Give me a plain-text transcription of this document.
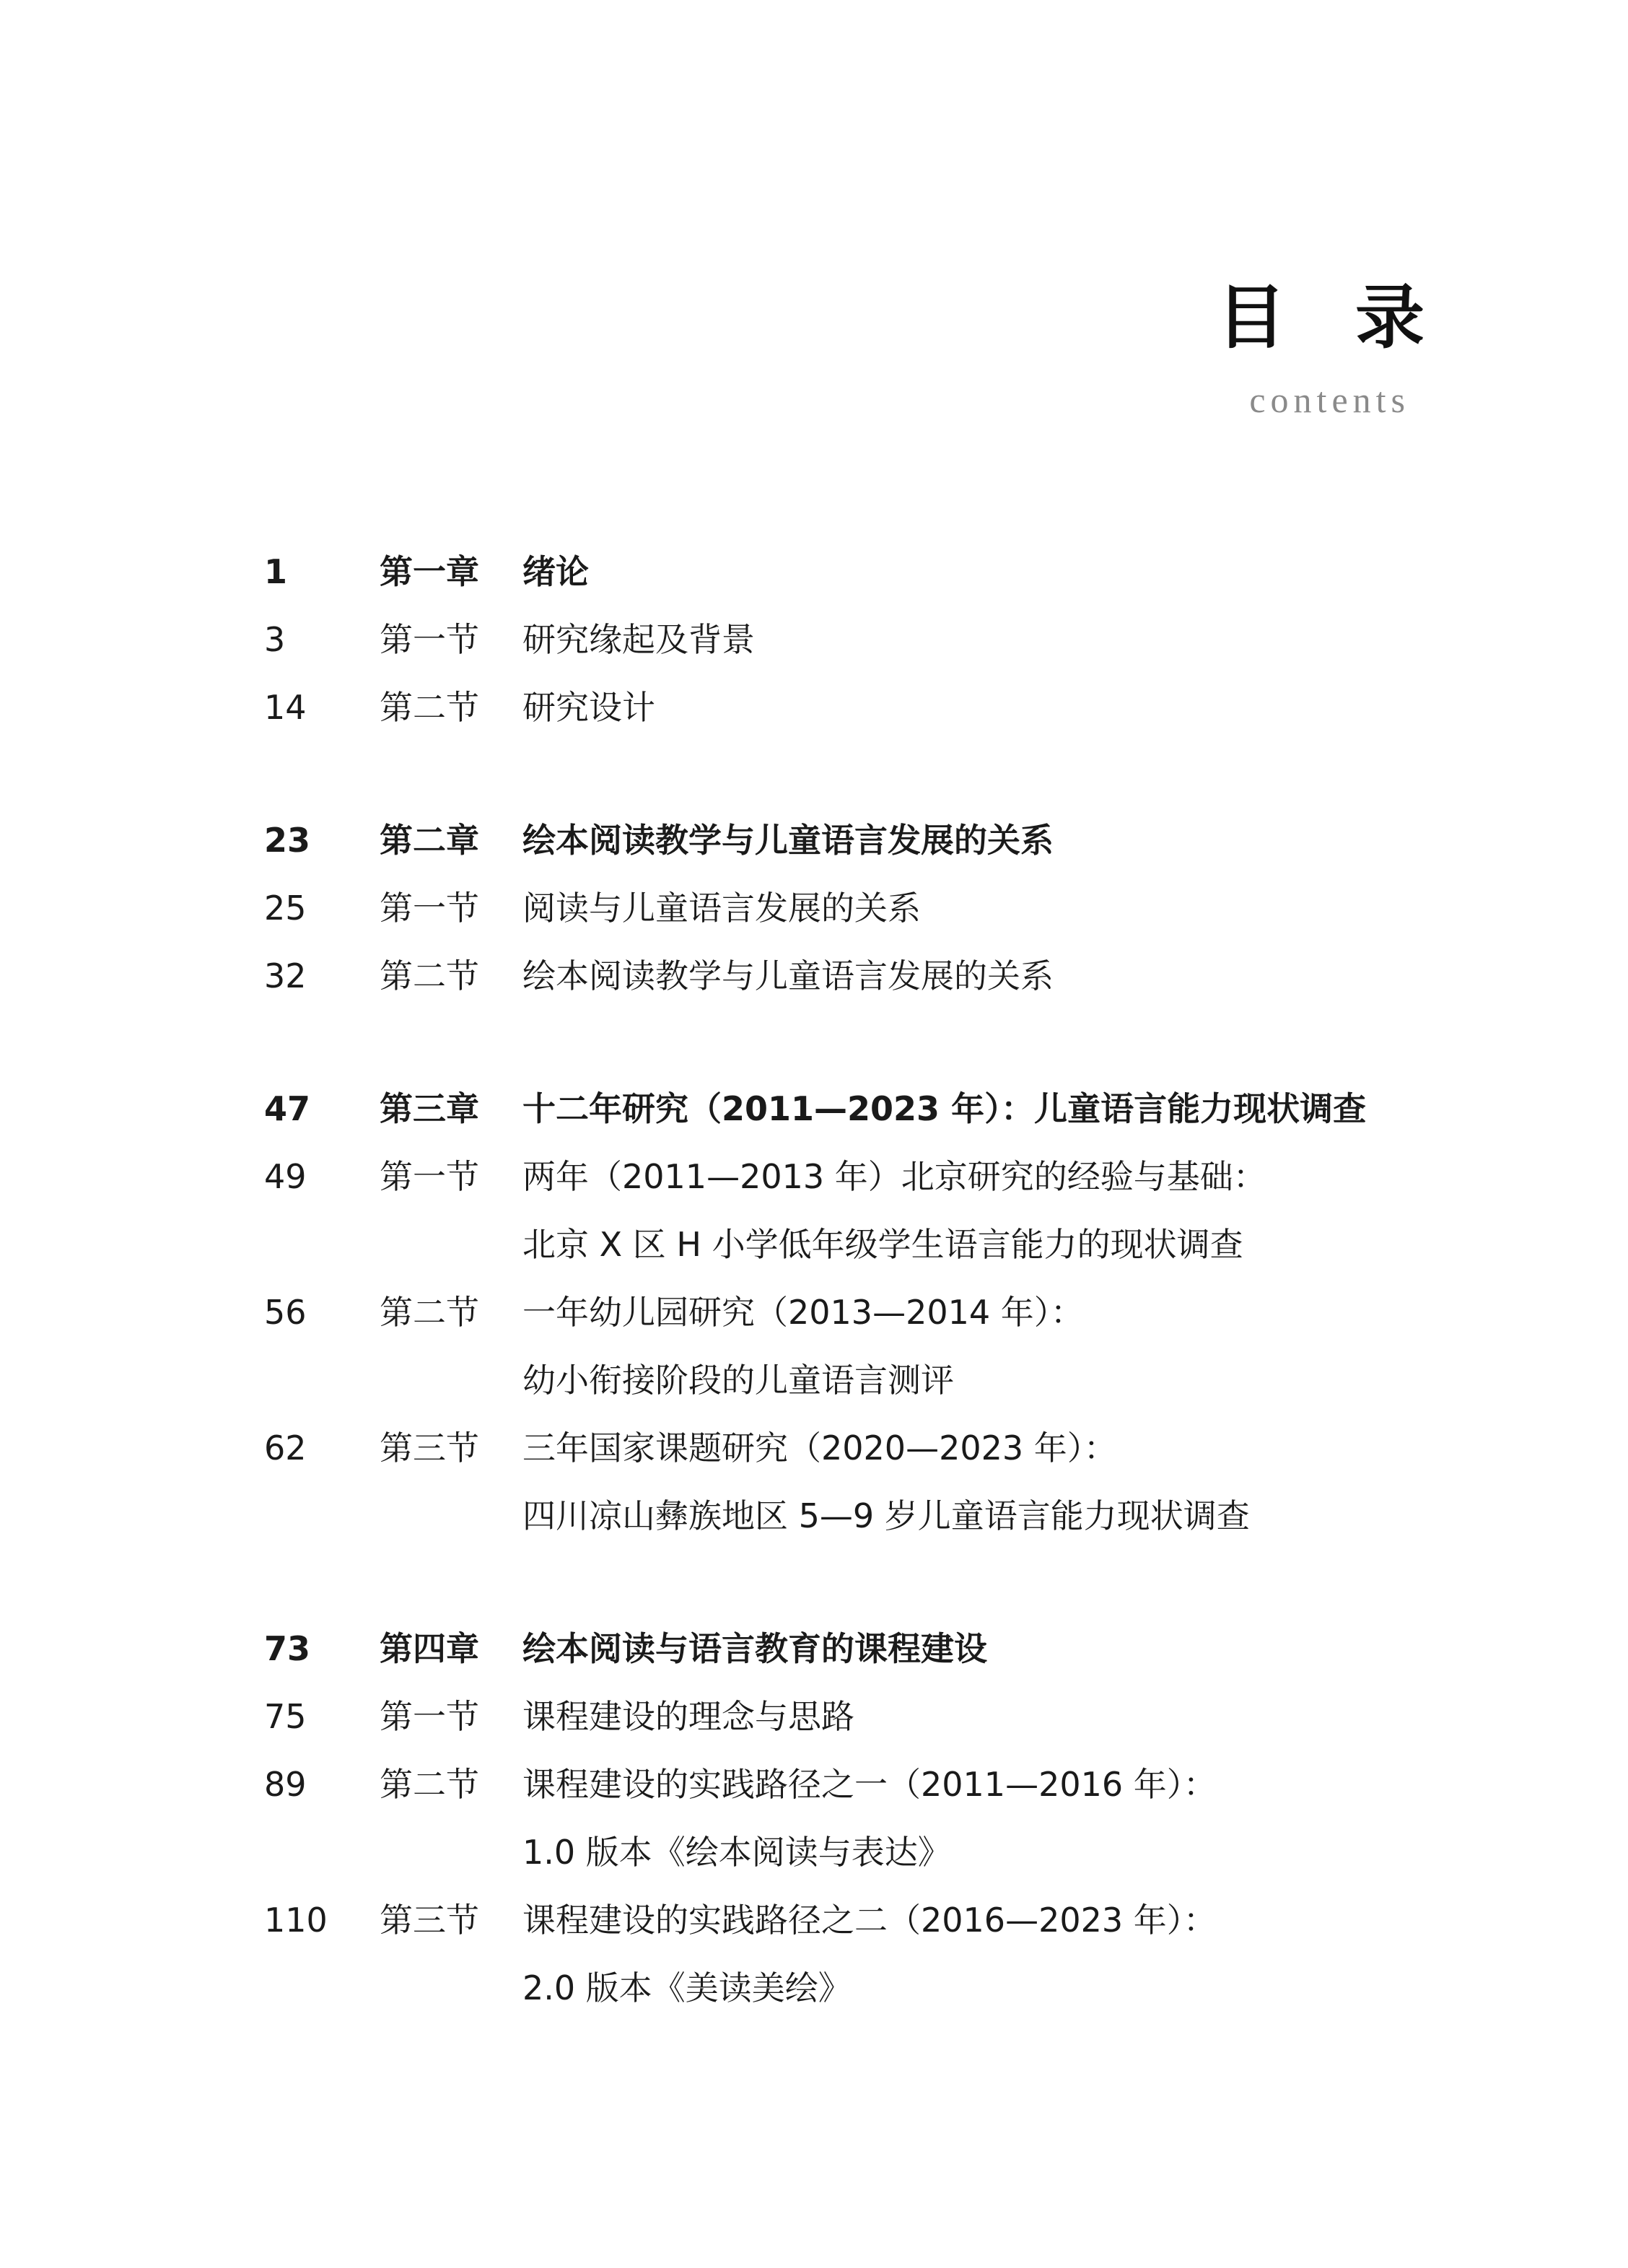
目录
contents
1	第一章 绪论
3	第一节 研究缘起及背景
14 第二节 研究设计
23 第二章 绘本阅读教学与儿童语言发展的关系
25 第一节 阅读与儿童语言发展的关系
32 第二节 绘本阅读教学与儿童语言发展的关系
47 第三章 十二年研究（2011—2023 年）：儿童语言能力现状调查
49 第一节 两年（2011—2013 年）北京研究的经验与基础：
北京 X 区 H 小学低年级学生语言能力的现状调查
56 第二节 一年幼儿园研究（2013—2014 年）：
幼小衔接阶段的儿童语言测评
62 第三节 三年国家课题研究（2020—2023 年）：
四川凉山彝族地区 5—9 岁儿童语言能力现状调查
73 第四章 绘本阅读与语言教育的课程建设
75 第一节 课程建设的理念与思路
89 第二节 课程建设的实践路径之一（2011—2016 年）：
1.0 版本《绘本阅读与表达》
110 第三节 课程建设的实践路径之二（2016—2023 年）：
2.0 版本《美读美绘》
